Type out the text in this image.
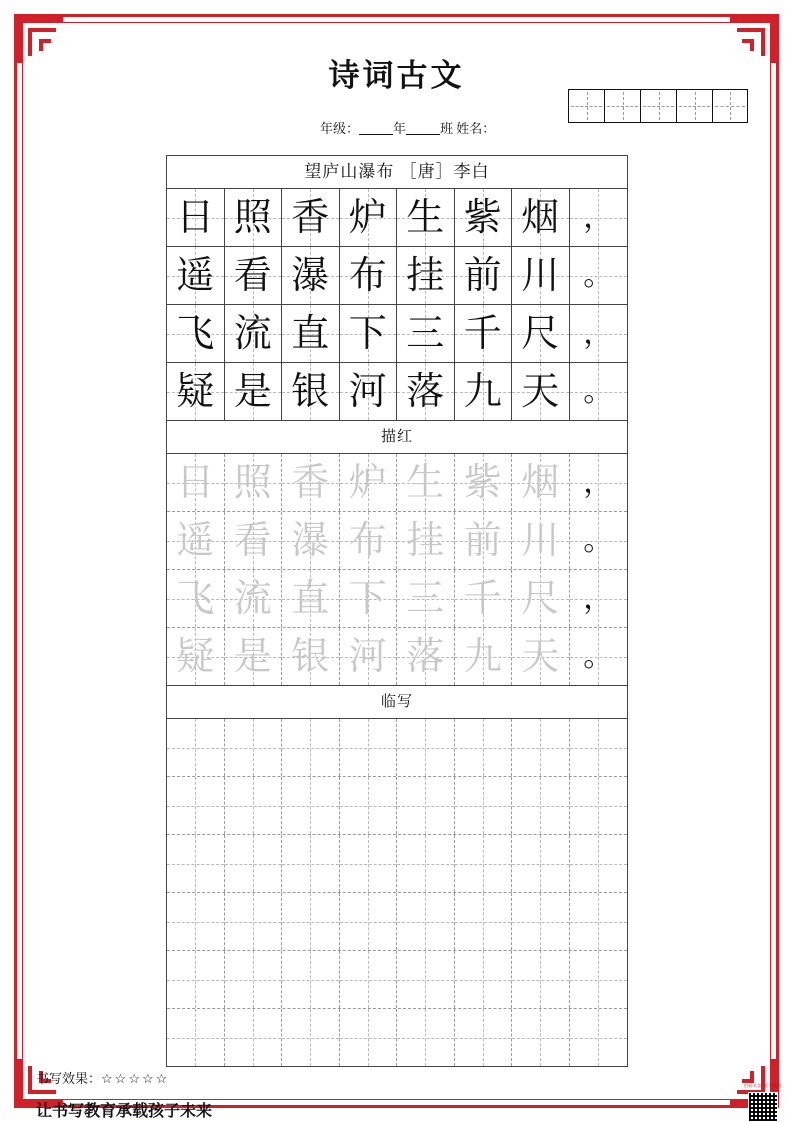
诗词古文
年级：	年	班 姓名：
望庐山瀑布 ［唐］李白
日 照 香 炉 生 紫 烟 ，
遥 看 瀑 布 挂 前 川 。
飞 流 直 下 三 千 尺 ，
疑 是 银 河 落 九 天 。
描红
日 照 香 炉 生 紫 烟 ，
遥 看 瀑 布 挂 前 川 。
飞 流 直 下 三 千 尺 ，
疑 是 银 河 落 九 天 。
临写
书写效果：☆☆☆☆☆
让书写教育承载孩子未来
扫码关注·更多资源
